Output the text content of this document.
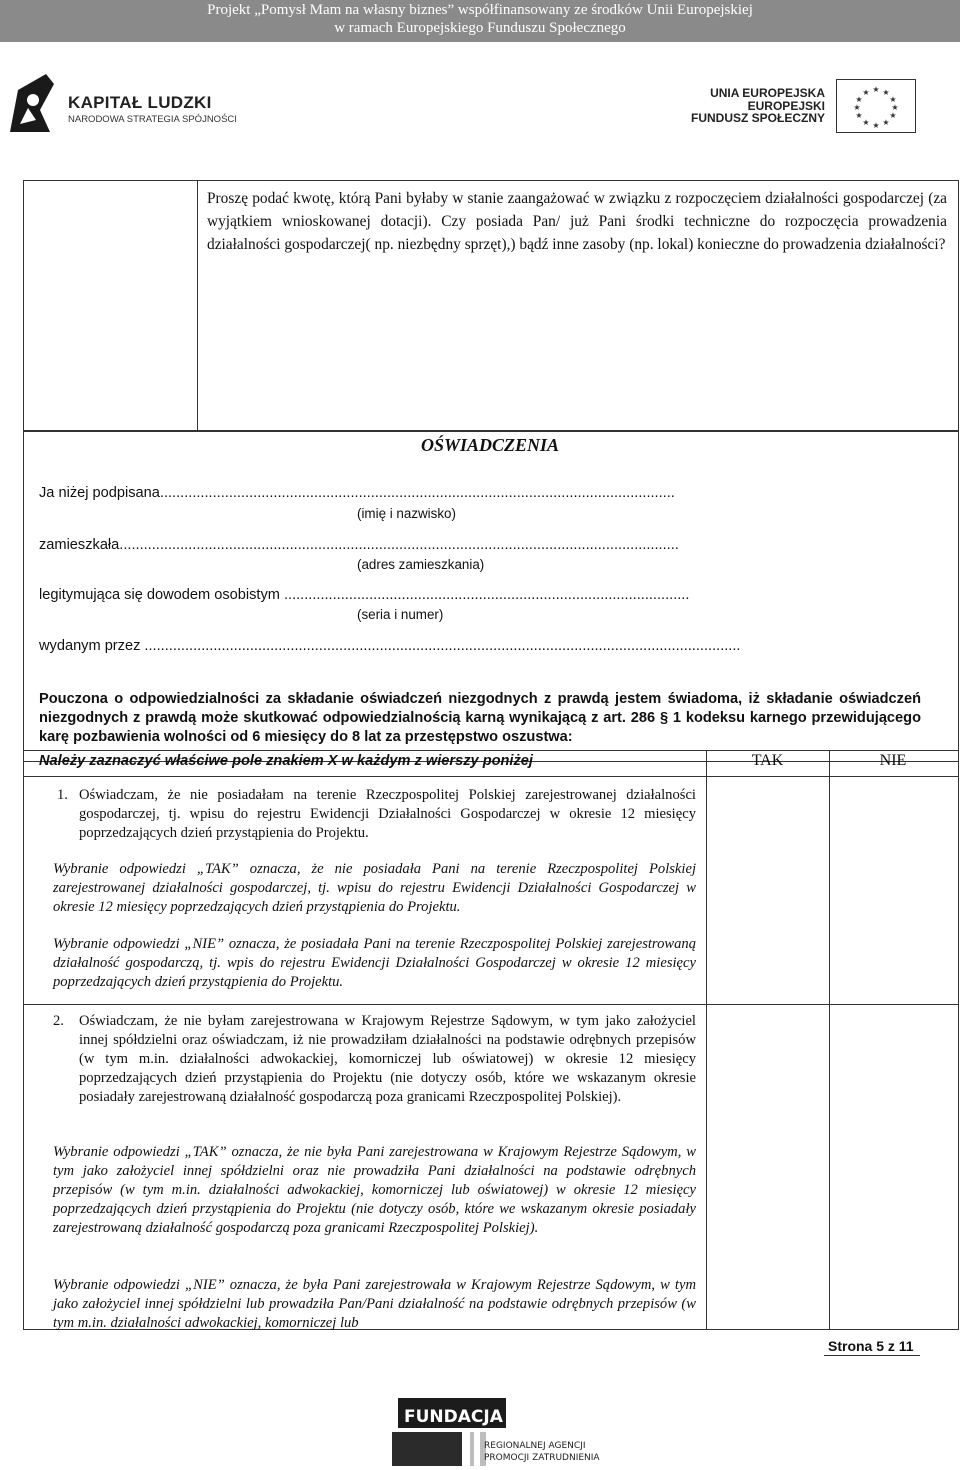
Projekt „Pomysł Mam na własny biznes” współfinansowany ze środków Unii Europejskiej
w ramach Europejskiego Funduszu Społecznego
KAPITAŁ LUDZKI
NARODOWA STRATEGIA SPÓJNOŚCI
UNIA EUROPEJSKA
EUROPEJSKI
FUNDUSZ SPOŁECZNY
★ ★
★
★
★
★
★
★
★
★
★
★
Proszę podać kwotę, którą Pani byłaby w stanie zaangażować w związku z rozpoczęciem działalności gospodarczej (za wyjątkiem wnioskowanej dotacji). Czy posiada Pan/ już Pani środki techniczne do rozpoczęcia prowadzenia działalności gospodarczej( np. niezbędny sprzęt),) bądź inne zasoby (np. lokal) konieczne do prowadzenia działalności?
OŚWIADCZENIA
Ja niżej podpisana...............................................................................................................................
(imię i nazwisko)
zamieszkała..........................................................................................................................................
(adres zamieszkania)
legitymująca się dowodem osobistym ....................................................................................................
(seria i numer)
wydanym przez ...................................................................................................................................................
Pouczona o odpowiedzialności za składanie oświadczeń niezgodnych z prawdą jestem świadoma, iż składanie oświadczeń niezgodnych z prawdą może skutkować odpowiedzialnością karną wynikającą z art. 286 § 1 kodeksu karnego przewidującego karę pozbawienia wolności od 6 miesięcy do 8 lat za przestępstwo oszustwa:
Należy zaznaczyć właściwe pole znakiem X w każdym z wierszy poniżej	TAK	NIE
1. Oświadczam, że nie posiadałam na terenie Rzeczpospolitej Polskiej zarejestrowanej działalności gospodarczej, tj. wpisu do rejestru Ewidencji Działalności Gospodarczej w okresie 12 miesięcy poprzedzających dzień przystąpienia do Projektu.
Wybranie odpowiedzi „TAK” oznacza, że nie posiadała Pani na terenie Rzeczpospolitej Polskiej zarejestrowanej działalności gospodarczej, tj. wpisu do rejestru Ewidencji Działalności Gospodarczej w okresie 12 miesięcy poprzedzających dzień przystąpienia do Projektu.
Wybranie odpowiedzi „NIE” oznacza, że posiadała Pani na terenie Rzeczpospolitej Polskiej zarejestrowaną działalność gospodarczą, tj. wpis do rejestru Ewidencji Działalności Gospodarczej w okresie 12 miesięcy poprzedzających dzień przystąpienia do Projektu.
2. Oświadczam, że nie byłam zarejestrowana w Krajowym Rejestrze Sądowym, w tym jako założyciel innej spółdzielni oraz oświadczam, iż nie prowadziłam działalności na podstawie odrębnych przepisów (w tym m.in. działalności adwokackiej, komorniczej lub oświatowej) w okresie 12 miesięcy poprzedzających dzień przystąpienia do Projektu (nie dotyczy osób, które we wskazanym okresie posiadały zarejestrowaną działalność gospodarczą poza granicami Rzeczpospolitej Polskiej).
Wybranie odpowiedzi „TAK” oznacza, że nie była Pani zarejestrowana w Krajowym Rejestrze Sądowym, w tym jako założyciel innej spółdzielni oraz nie prowadziła Pani działalności na podstawie odrębnych przepisów (w tym m.in. działalności adwokackiej, komorniczej lub oświatowej) w okresie 12 miesięcy poprzedzających dzień przystąpienia do Projektu (nie dotyczy osób, które we wskazanym okresie posiadały zarejestrowaną działalność gospodarczą poza granicami Rzeczpospolitej Polskiej).
Wybranie odpowiedzi „NIE” oznacza, że była Pani zarejestrowała w Krajowym Rejestrze Sądowym, w tym jako założyciel innej spółdzielni lub prowadziła Pan/Pani działalność na podstawie odrębnych przepisów (w tym m.in. działalności adwokackiej, komorniczej lub
Strona 5 z 11
FUNDACJA
REGIONALNEJ AGENCJI
PROMOCJI ZATRUDNIENIA
